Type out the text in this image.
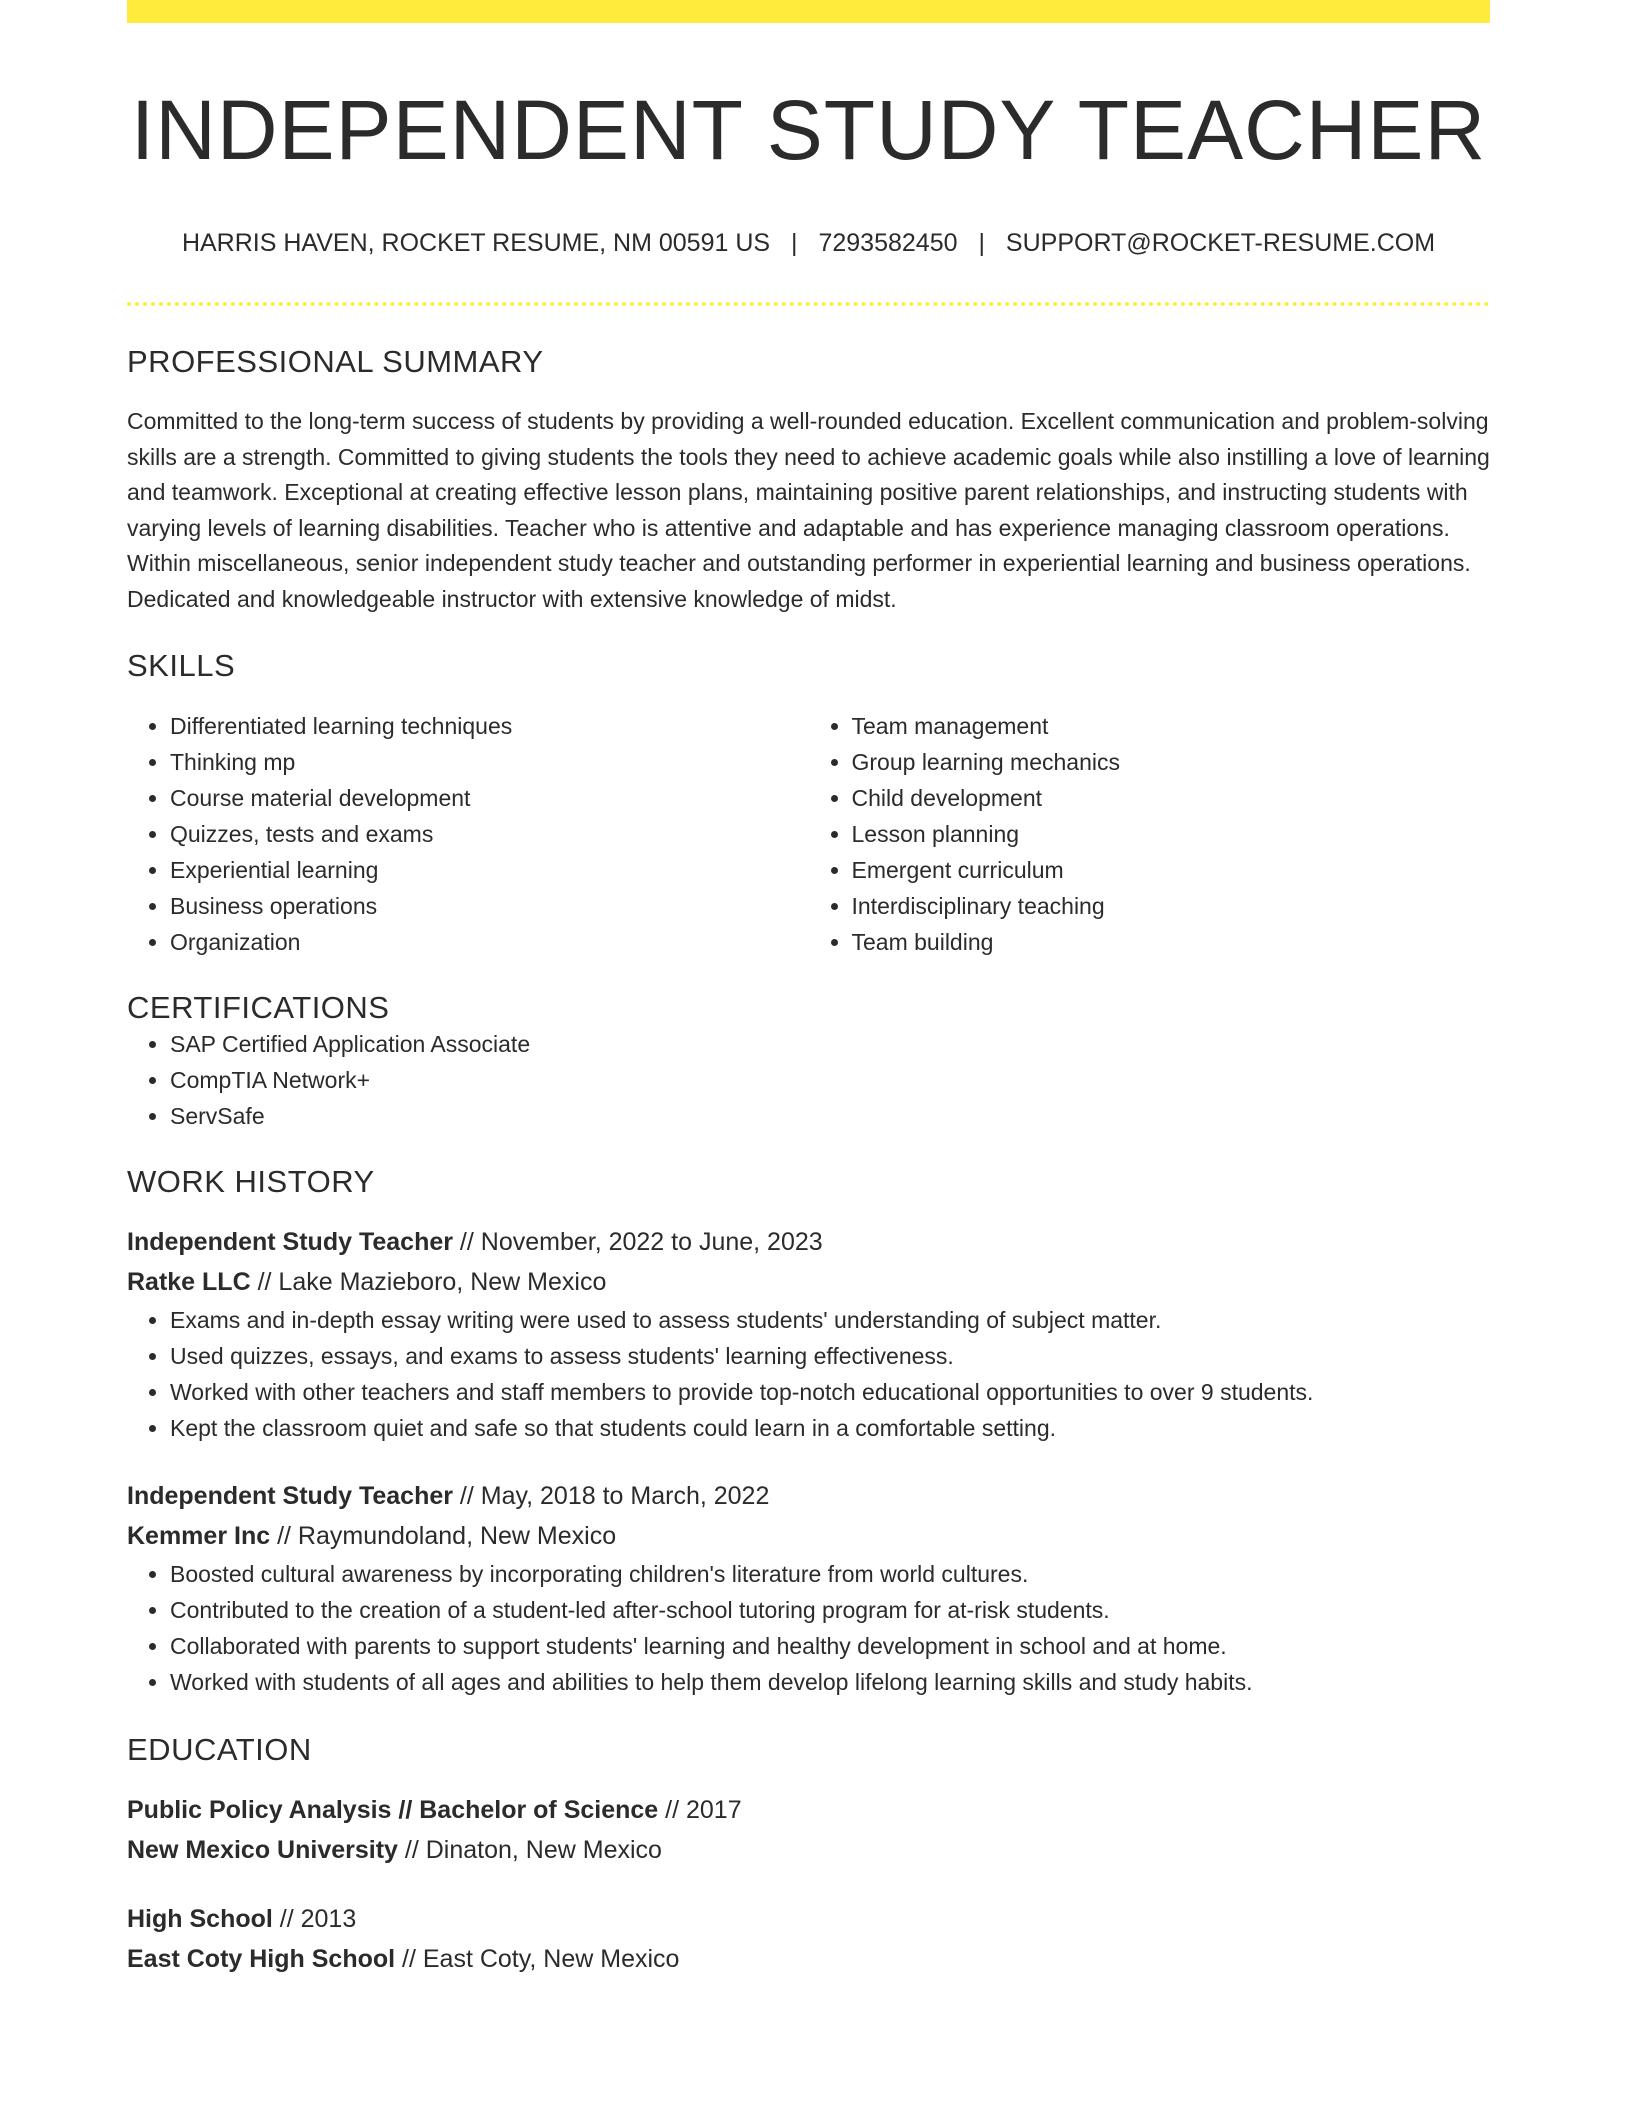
INDEPENDENT STUDY TEACHER
HARRIS HAVEN, ROCKET RESUME, NM 00591 US | 7293582450 | SUPPORT@ROCKET-RESUME.COM
PROFESSIONAL SUMMARY

Committed to the long-term success of students by providing a well-rounded education. Excellent communication and problem-solving skills are a strength. Committed to giving students the tools they need to achieve academic goals while also instilling a love of learning and teamwork. Exceptional at creating effective lesson plans, maintaining positive parent relationships, and instructing students with varying levels of learning disabilities. Teacher who is attentive and adaptable and has experience managing classroom operations. Within miscellaneous, senior independent study teacher and outstanding performer in experiential learning and business operations. Dedicated and knowledgeable instructor with extensive knowledge of midst.

SKILLS
• Differentiated learning techniques
• Thinking mp
• Course material development
• Quizzes, tests and exams
• Experiential learning
• Business operations
• Organization
• Team management
• Group learning mechanics
• Child development
• Lesson planning
• Emergent curriculum
• Interdisciplinary teaching
• Team building
CERTIFICATIONS
• SAP Certified Application Associate
• CompTIA Network+
• ServSafe
WORK HISTORY
Independent Study Teacher // November, 2022 to June, 2023
Ratke LLC // Lake Mazieboro, New Mexico
• Exams and in-depth essay writing were used to assess students' understanding of subject matter.
• Used quizzes, essays, and exams to assess students' learning effectiveness.
• Worked with other teachers and staff members to provide top-notch educational opportunities to over 9 students.
• Kept the classroom quiet and safe so that students could learn in a comfortable setting.
Independent Study Teacher // May, 2018 to March, 2022
Kemmer Inc // Raymundoland, New Mexico
• Boosted cultural awareness by incorporating children's literature from world cultures.
• Contributed to the creation of a student-led after-school tutoring program for at-risk students.
• Collaborated with parents to support students' learning and healthy development in school and at home.
• Worked with students of all ages and abilities to help them develop lifelong learning skills and study habits.
EDUCATION
Public Policy Analysis // Bachelor of Science // 2017
New Mexico University // Dinaton, New Mexico
High School // 2013
East Coty High School // East Coty, New Mexico
